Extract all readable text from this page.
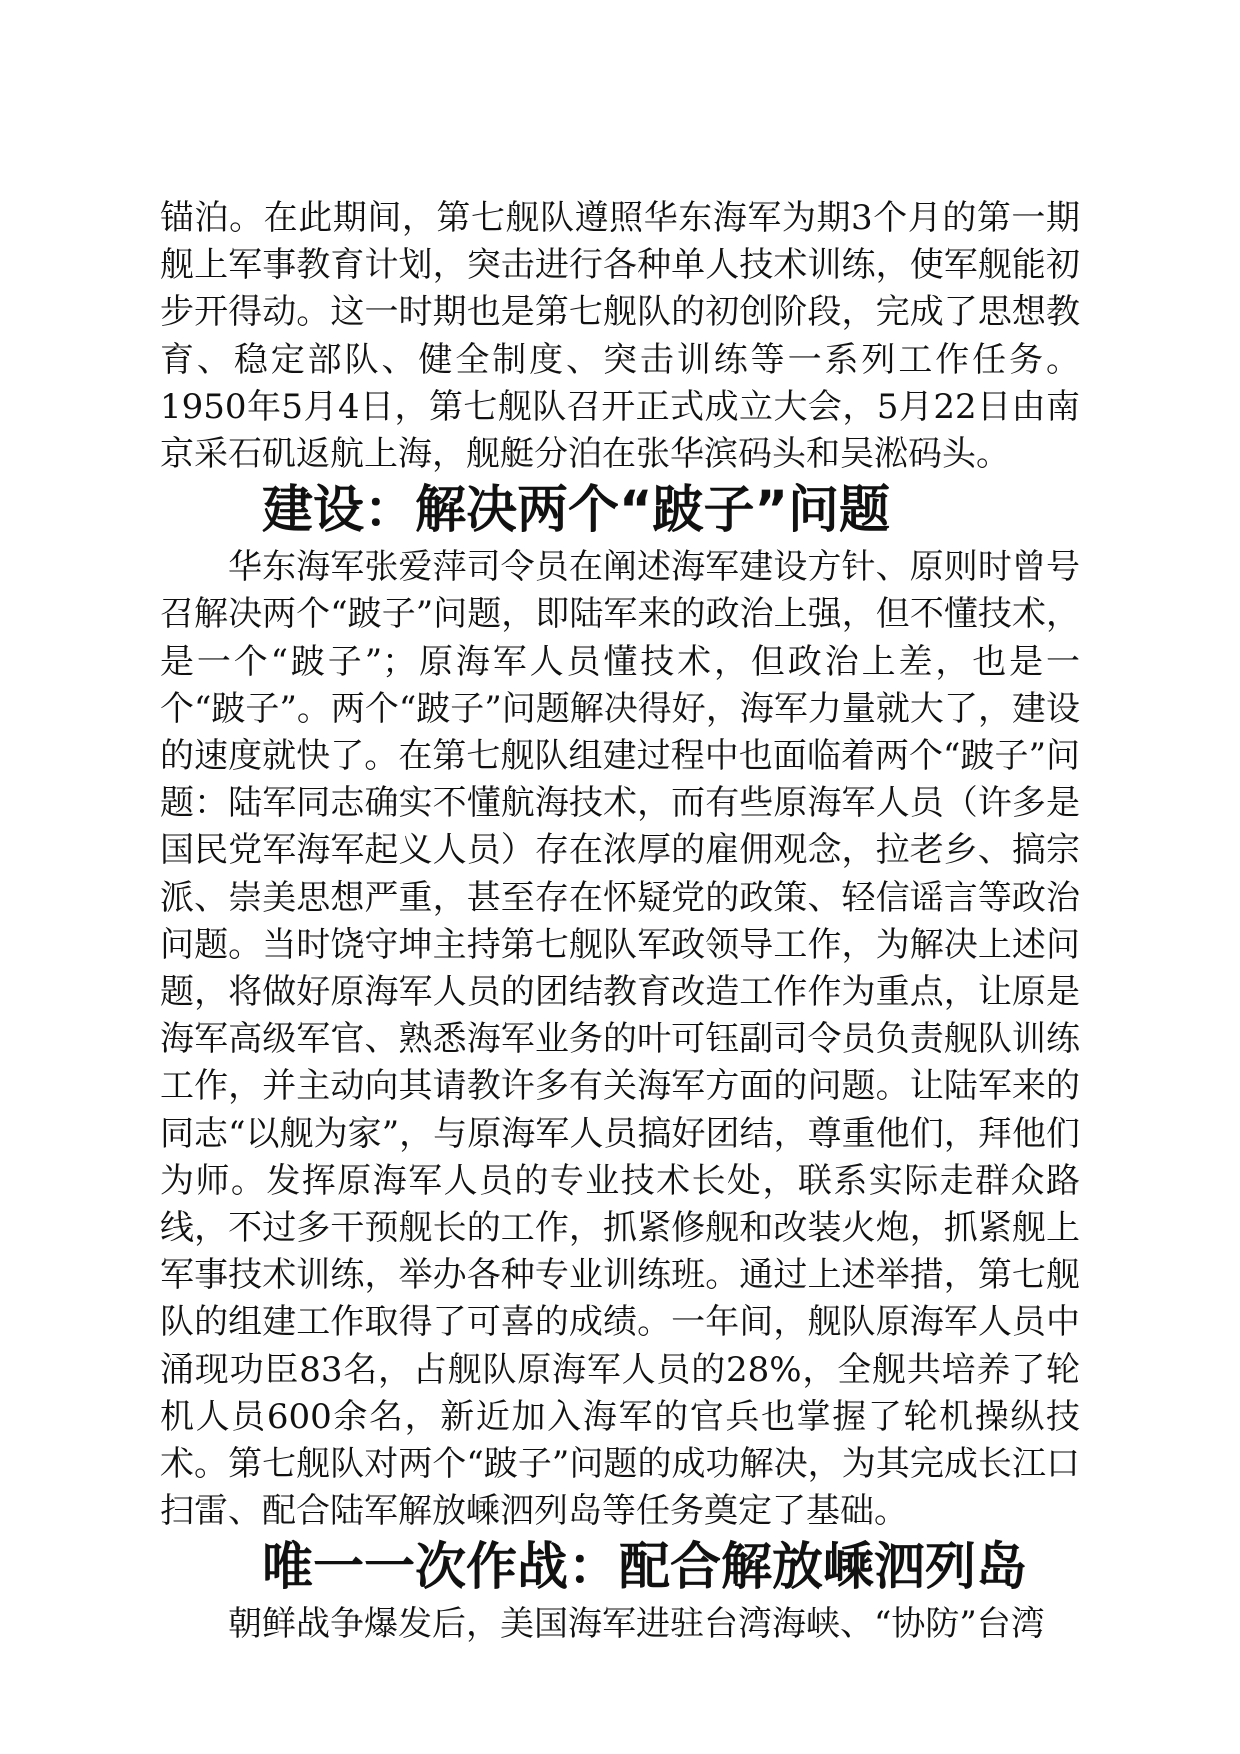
锚泊。在此期间，第七舰队遵照华东海军为期3个月的第一期舰上军事教育计划，突击进行各种单人技术训练，使军舰能初步开得动。这一时期也是第七舰队的初创阶段，完成了思想教育、稳定部队、健全制度、突击训练等一系列工作任务。1950年5月4日，第七舰队召开正式成立大会，5月22日由南京采石矶返航上海，舰艇分泊在张华滨码头和吴淞码头。

建设：解决两个“跛子”问题

华东海军张爱萍司令员在阐述海军建设方针、原则时曾号召解决两个“跛子”问题，即陆军来的政治上强，但不懂技术，是一个“跛子”；原海军人员懂技术，但政治上差，也是一个“跛子”。两个“跛子”问题解决得好，海军力量就大了，建设的速度就快了。在第七舰队组建过程中也面临着两个“跛子”问题：陆军同志确实不懂航海技术，而有些原海军人员（许多是国民党军海军起义人员）存在浓厚的雇佣观念，拉老乡、搞宗派、崇美思想严重，甚至存在怀疑党的政策、轻信谣言等政治问题。当时饶守坤主持第七舰队军政领导工作，为解决上述问题，将做好原海军人员的团结教育改造工作作为重点，让原是海军高级军官、熟悉海军业务的叶可钰副司令员负责舰队训练工作，并主动向其请教许多有关海军方面的问题。让陆军来的同志“以舰为家”，与原海军人员搞好团结，尊重他们，拜他们为师。发挥原海军人员的专业技术长处，联系实际走群众路线，不过多干预舰长的工作，抓紧修舰和改装火炮，抓紧舰上军事技术训练，举办各种专业训练班。通过上述举措，第七舰队的组建工作取得了可喜的成绩。一年间，舰队原海军人员中涌现功臣83名，占舰队原海军人员的28%，全舰共培养了轮机人员600余名，新近加入海军的官兵也掌握了轮机操纵技术。第七舰队对两个“跛子”问题的成功解决，为其完成长江口扫雷、配合陆军解放嵊泗列岛等任务奠定了基础。

唯一一次作战：配合解放嵊泗列岛

朝鲜战争爆发后，美国海军进驻台湾海峡、“协防”台湾
